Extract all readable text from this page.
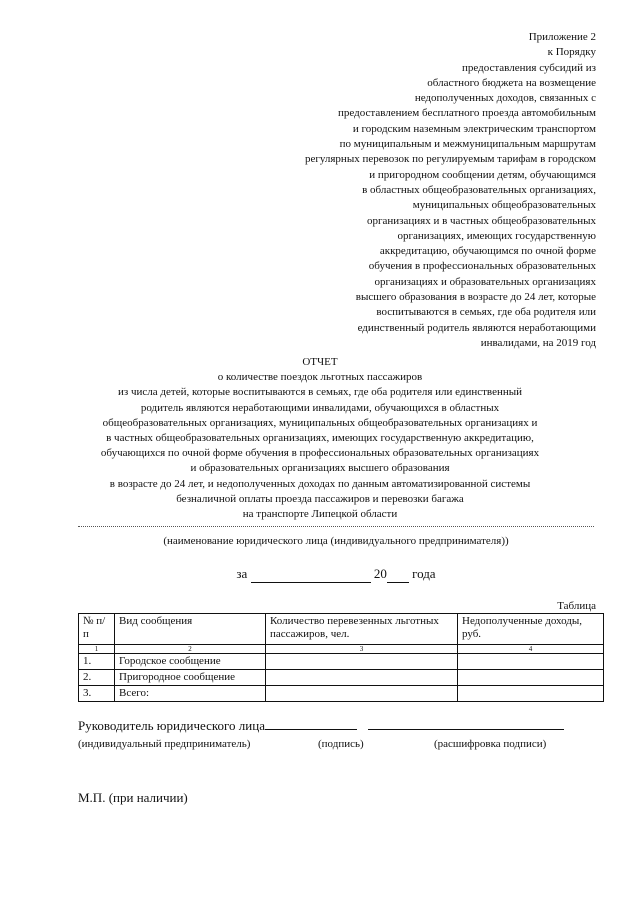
Приложение 2
к Порядку
предоставления субсидий из
областного бюджета на возмещение
недополученных доходов, связанных с
предоставлением бесплатного проезда автомобильным
и городским наземным электрическим транспортом
по муниципальным и межмуниципальным маршрутам
регулярных перевозок по регулируемым тарифам в городском
и пригородном сообщении детям, обучающимся
в областных общеобразовательных организациях,
муниципальных общеобразовательных
организациях и в частных общеобразовательных
организациях, имеющих государственную
аккредитацию, обучающимся по очной форме
обучения в профессиональных образовательных
организациях и образовательных организациях
высшего образования в возрасте до 24 лет, которые
воспитываются в семьях, где оба родителя или
единственный родитель являются неработающими
инвалидами, на 2019 год
ОТЧЕТ
о количестве поездок льготных пассажиров
из числа детей, которые воспитываются в семьях, где оба родителя или единственный
родитель являются неработающими инвалидами, обучающихся в областных
общеобразовательных организациях, муниципальных общеобразовательных организациях и
в частных общеобразовательных организациях, имеющих государственную аккредитацию,
обучающихся по очной форме обучения в профессиональных образовательных организациях
и образовательных организациях высшего образования
в возрасте до 24 лет, и недополученных доходах по данным автоматизированной системы
безналичной оплаты проезда пассажиров и перевозки багажа
на транспорте Липецкой области
(наименование юридического лица (индивидуального предпринимателя))
за	20 года
Таблица
№ п/п	Вид сообщения	Количество перевезенных льготных пассажиров, чел.	Недополученные доходы, руб.
1	2	3	4
1.	Городское сообщение		
2.	Пригородное сообщение		
3.	Всего:		
Руководитель юридического лица
(индивидуальный предприниматель)	(подпись)	(расшифровка подписи)
М.П. (при наличии)
